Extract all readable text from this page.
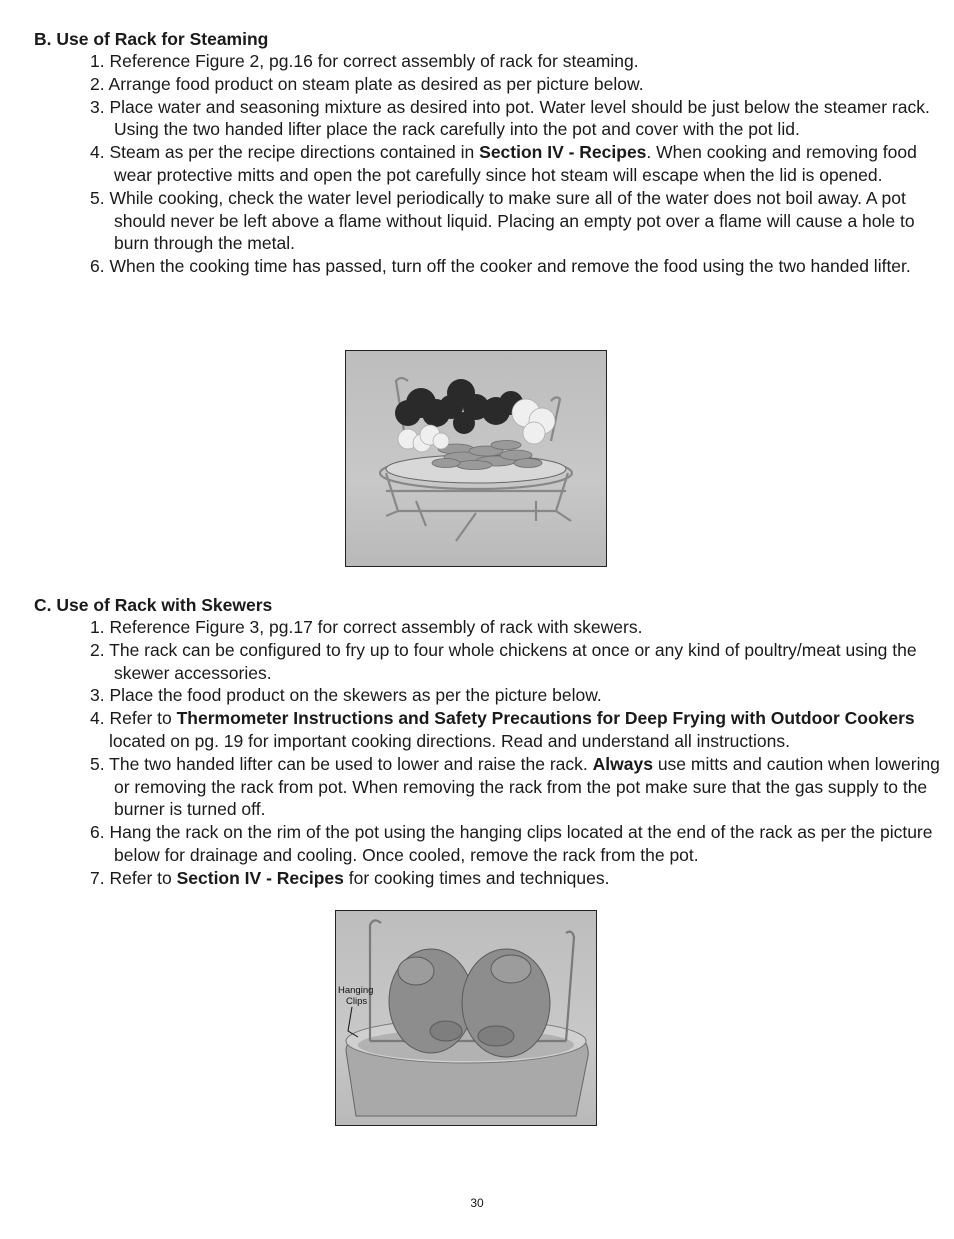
B. Use of Rack for Steaming
1. Reference Figure 2, pg.16 for correct assembly of rack for steaming.
2. Arrange food product on steam plate as desired as per picture below.
3. Place water and seasoning mixture as desired into pot. Water level should be just below the steamer rack. Using the two handed lifter place the rack carefully into the pot and cover with the pot lid.
4. Steam as per the recipe directions contained in Section IV - Recipes. When cooking and removing food wear protective mitts and open the pot carefully since hot steam will escape when the lid is opened.
5. While cooking, check the water level periodically to make sure all of the water does not boil away. A pot should never be left above a flame without liquid. Placing an empty pot over a flame will cause a hole to burn through the metal.
6. When the cooking time has passed, turn off the cooker and remove the food using the two handed lifter.
C. Use of Rack with Skewers
1. Reference Figure 3, pg.17 for correct assembly of rack with skewers.
2. The rack can be configured to fry up to four whole chickens at once or any kind of poultry/meat using the skewer accessories.
3. Place the food product on the skewers as per the picture below.
4. Refer to Thermometer Instructions and Safety Precautions for Deep Frying with Outdoor Cookers located on pg. 19 for important cooking directions. Read and understand all instructions.
5. The two handed lifter can be used to lower and raise the rack. Always use mitts and caution when lowering or removing the rack from pot. When removing the rack from the pot make sure that the gas supply to the burner is turned off.
6. Hang the rack on the rim of the pot using the hanging clips located at the end of the rack as per the picture below for drainage and cooling. Once cooled, remove the rack from the pot.
7. Refer to Section IV - Recipes for cooking times and techniques.
Hanging
Clips
30
